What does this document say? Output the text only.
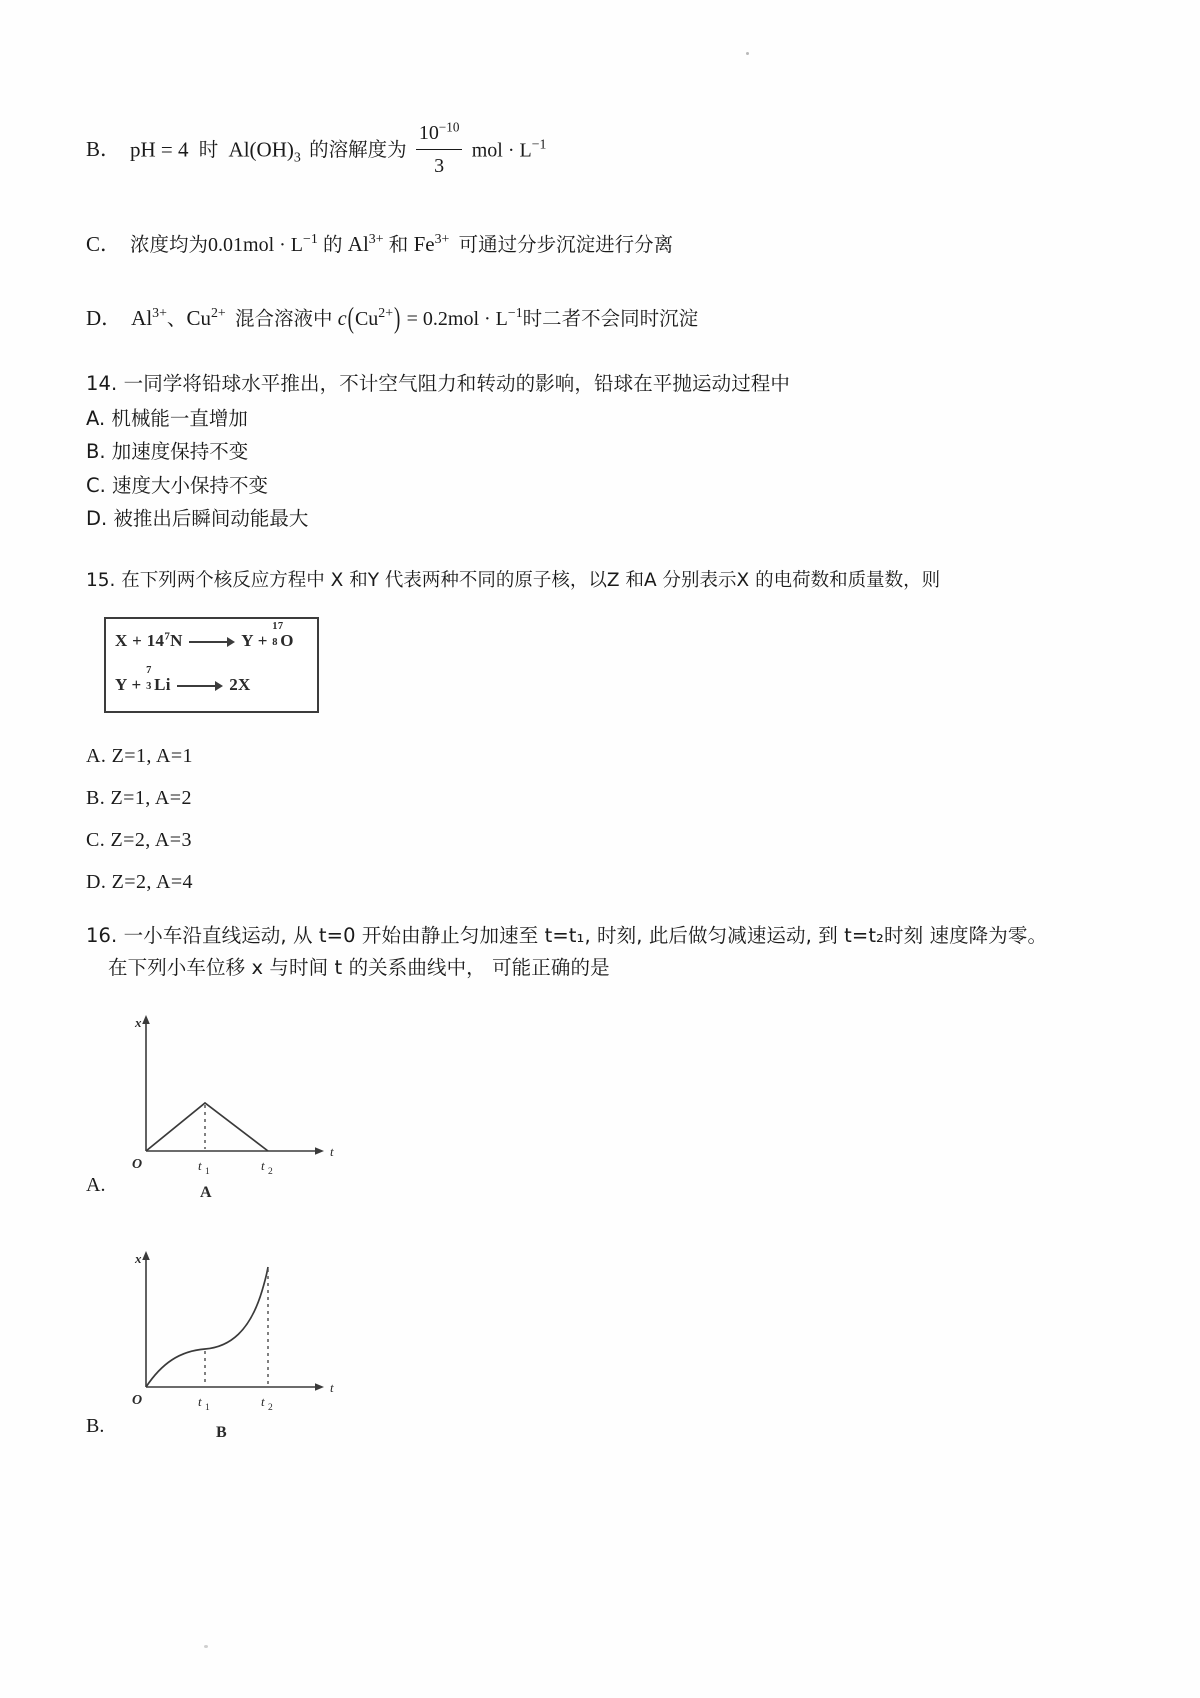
B． pH = 4 时 $Al(OH)_3$ 的溶解度为 $\frac{10^{-10}}{3}$ mol · $L^{-1}$
C． 浓度均为$0.01mol \cdot L^{-1}$ 的 $Al^{3+}$ 和 $Fe^{3+}$ 可通过分步沉淀进行分离
D． $Al^{3+}$、$Cu^{2+}$ 混合溶液中 $c(Cu^{2+}) = 0.2mol \cdot L^{-1}$时二者不会同时沉淀
14. 一同学将铅球水平推出，不计空气阻力和转动的影响，铅球在平抛运动过程中
A. 机械能一直增加
B. 加速度保持不变
C. 速度大小保持不变
D. 被推出后瞬间动能最大
15. 在下列两个核反应方程中 X 和Y 代表两种不同的原子核，以Z 和A 分别表示X 的电荷数和质量数，则
$X + 14^7N$	Y +
17
8 O
Y +
7
3 Li	2X
A. Z=1, A=1
B. Z=1, A=2
C. Z=2, A=3
D. Z=2, A=4
16. 一小车沿直线运动, 从 t=0 开始由静止匀加速至 t=t₁, 时刻, 此后做匀减速运动, 到 t=t₂时刻 速度降为零。
在下列小车位移 x 与时间 t 的关系曲线中， 可能正确的是
A.
x
t
O	t 1	t 2
A
B.
x
t
O	t 1	t 2
B
